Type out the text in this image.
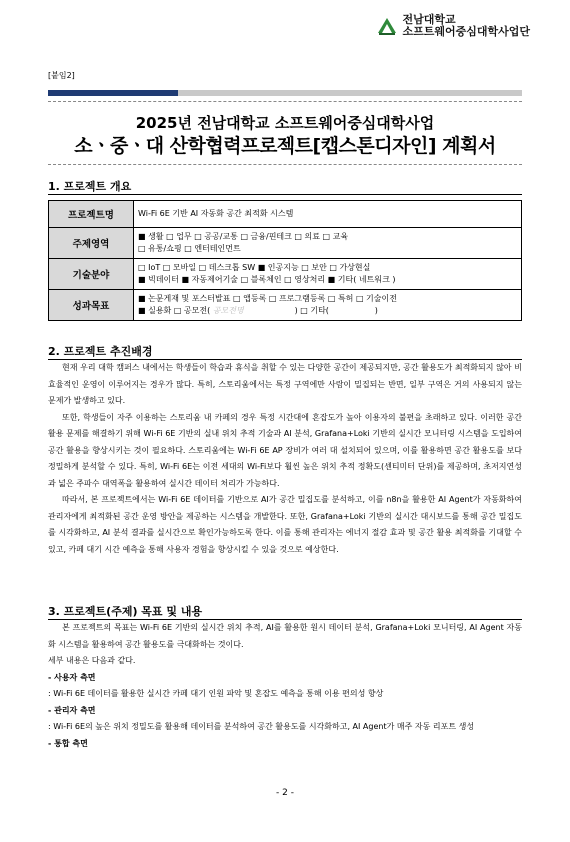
전남대학교
소프트웨어중심대학사업단
[붙임2]
2025년 전남대학교 소프트웨어중심대학사업
소ㆍ중ㆍ대 산학협력프로젝트[캡스톤디자인] 계획서
1. 프로젝트 개요
프로젝트명	Wi-Fi 6E 기반 AI 자동화 공간 최적화 시스템

주제영역	■ 생활 □ 업무 □ 공공/교통 □ 금융/핀테크 □ 의료 □ 교육
□ 유통/쇼핑 □ 엔터테인먼트

기술분야	□ IoT □ 모바일 □ 데스크톱 SW ■ 인공지능 □ 보안 □ 가상현실
■ 빅데이터 ■ 자동제어기술 □ 블록체인 □ 영상처리 ■ 기타( 네트워크 )

성과목표	■ 논문게재 및 포스터발표 □ 앱등록 □ 프로그램등록 □ 특허 □ 기술이전
■ 실용화 □ 공모전( 공모전명                    ) □ 기타(                  )
2. 프로젝트 추진배경

현재 우리 대학 캠퍼스 내에서는 학생들이 학습과 휴식을 취할 수 있는 다양한 공간이 제공되지만, 공간 활용도가 최적화되지 않아 비효율적인 운영이 이루어지는 경우가 많다. 특히, 스토리움에서는 특정 구역에만 사람이 밀집되는 반면, 일부 구역은 거의 사용되지 않는 문제가 발생하고 있다.

또한, 학생들이 자주 이용하는 스토리움 내 카페의 경우 특정 시간대에 혼잡도가 높아 이용자의 불편을 초래하고 있다. 이러한 공간 활용 문제를 해결하기 위해 Wi-Fi 6E 기반의 실내 위치 추적 기술과 AI 분석, Grafana+Loki 기반의 실시간 모니터링 시스템을 도입하여 공간 활용을 향상시키는 것이 필요하다. 스토리움에는 Wi-Fi 6E AP 장비가 여러 대 설치되어 있으며, 이를 활용하면 공간 활용도를 보다 정밀하게 분석할 수 있다. 특히, Wi-Fi 6E는 이전 세대의 Wi-Fi보다 훨씬 높은 위치 추적 정확도(센티미터 단위)를 제공하며, 초저지연성과 넓은 주파수 대역폭을 활용하여 실시간 데이터 처리가 가능하다.

따라서, 본 프로젝트에서는 Wi-Fi 6E 데이터를 기반으로 AI가 공간 밀집도를 분석하고, 이를 n8n을 활용한 AI Agent가 자동화하여 관리자에게 최적화된 공간 운영 방안을 제공하는 시스템을 개발한다. 또한, Grafana+Loki 기반의 실시간 대시보드를 통해 공간 밀집도를 시각화하고, AI 분석 결과를 실시간으로 확인가능하도록 한다. 이를 통해 관리자는 에너지 절감 효과 및 공간 활용 최적화를 기대할 수 있고, 카페 대기 시간 예측을 통해 사용자 경험을 향상시킬 수 있을 것으로 예상한다.

3. 프로젝트(주제) 목표 및 내용

본 프로젝트의 목표는 Wi-Fi 6E 기반의 실시간 위치 추적, AI를 활용한 원시 데이터 분석, Grafana+Loki 모니터링, AI Agent 자동화 시스템을 활용하여 공간 활용도를 극대화하는 것이다.

세부 내용은 다음과 같다.

- 사용자 측면

: Wi-Fi 6E 데이터를 활용한 실시간 카페 대기 인원 파악 및 혼잡도 예측을 통해 이용 편의성 향상

- 관리자 측면

: Wi-Fi 6E의 높은 위치 정밀도를 활용해 데이터를 분석하여 공간 활용도를 시각화하고, AI Agent가 매주 자동 리포트 생성

- 통합 측면

- 2 -
